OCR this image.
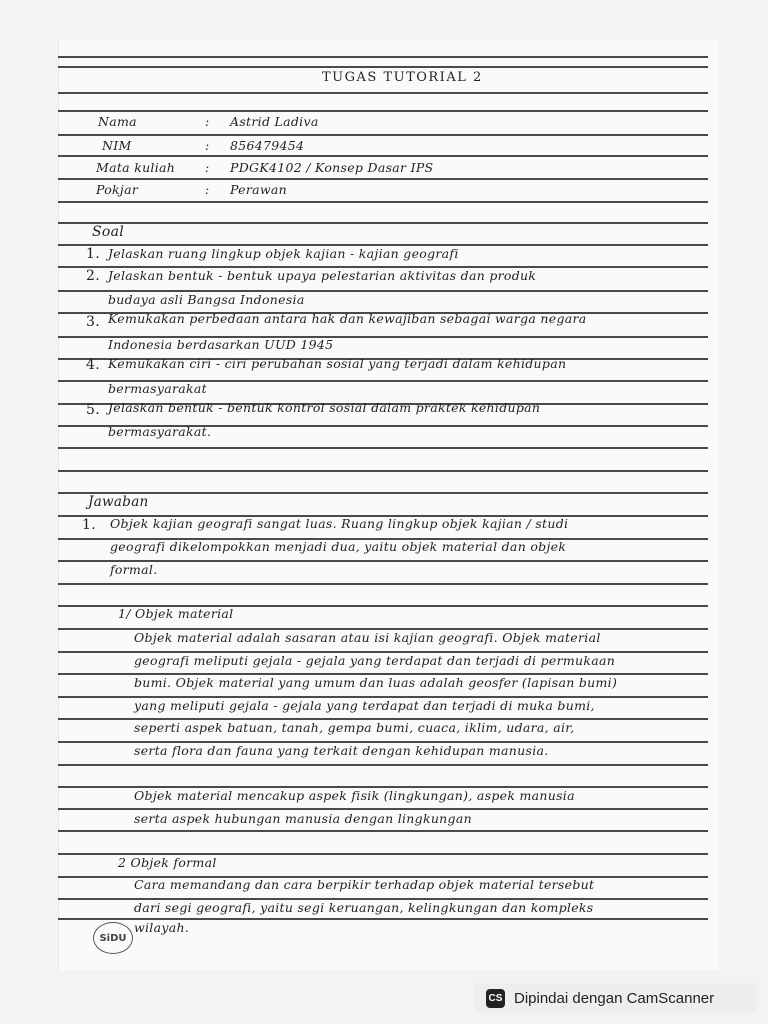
TUGAS TUTORIAL 2
Nama	: Astrid Ladiva
NIM	: 856479454
Mata kuliah : PDGK4102 / Konsep Dasar IPS
Pokjar	: Perawan
Soal
1. Jelaskan ruang lingkup objek kajian - kajian geografi
2. Jelaskan bentuk - bentuk upaya pelestarian aktivitas dan produk
budaya asli Bangsa Indonesia
3. Kemukakan perbedaan antara hak dan kewajiban sebagai warga negara
Indonesia berdasarkan UUD 1945
4. Kemukakan ciri - ciri perubahan sosial yang terjadi dalam kehidupan
bermasyarakat
5. Jelaskan bentuk - bentuk kontrol sosial dalam praktek kehidupan
bermasyarakat.
Jawaban
1. Objek kajian geografi sangat luas. Ruang lingkup objek kajian / studi
geografi dikelompokkan menjadi dua, yaitu objek material dan objek
formal.
1/ Objek material
Objek material adalah sasaran atau isi kajian geografi. Objek material
geografi meliputi gejala - gejala yang terdapat dan terjadi di permukaan
bumi. Objek material yang umum dan luas adalah geosfer (lapisan bumi)
yang meliputi gejala - gejala yang terdapat dan terjadi di muka bumi,
seperti aspek batuan, tanah, gempa bumi, cuaca, iklim, udara, air,
serta flora dan fauna yang terkait dengan kehidupan manusia.
Objek material mencakup aspek fisik (lingkungan), aspek manusia
serta aspek hubungan manusia dengan lingkungan
2 Objek formal
Cara memandang dan cara berpikir terhadap objek material tersebut
dari segi geografi, yaitu segi keruangan, kelingkungan dan kompleks
wilayah.
SiDU
CS Dipindai dengan CamScanner
